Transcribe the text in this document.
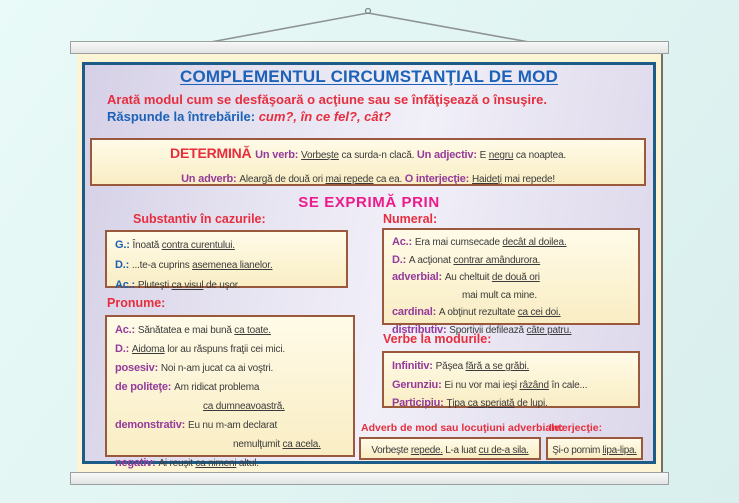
COMPLEMENTUL CIRCUMSTANŢIAL DE MOD
Arată modul cum se desfăşoară o acţiune sau se înfăţişează o însuşire.
Răspunde la întrebările: cum?, în ce fel?, cât?
DETERMINĂ Un verb: Vorbeşte ca surda-n clacă. Un adjectiv: E negru ca noaptea.
Un adverb: Aleargă de două ori mai repede ca ea. O interjecţie: Haideţi mai repede!
SE EXPRIMĂ PRIN
Substantiv în cazurile:
G.: Înoată contra curentului.
D.: ...te-a cuprins asemenea lianelor.
Ac.: Pluteşti ca visul de uşor.
Pronume:
Ac.: Sănătatea e mai bună ca toate.
D.: Aidoma lor au răspuns fraţii cei mici.
posesiv: Noi n-am jucat ca ai voştri.
de politeţe: Am ridicat problema
ca dumneavoastră.
demonstrativ: Eu nu m-am declarat
nemulţumit ca acela.
negativ: Ai reuşit ca nimeni altul.
Numeral:
Ac.: Era mai cumsecade decât al doilea.
D.: A acţionat contrar amândurora.
adverbial: Au cheltuit de două ori
mai mult ca mine.
cardinal: A obţinut rezultate ca cei doi.
distributiv: Sportivii defilează câte patru.
Verbe la modurile:
Infinitiv: Păşea fără a se grăbi.
Gerunziu: Ei nu vor mai ieşi râzând în cale...
Participiu: Ţipa ca speriată de lupi.
Adverb de mod sau locuţiuni adverbiale:
Vorbeşte repede. L-a luat cu de-a sila.
Interjecţie:
Şi-o pornim lipa-lipa.
